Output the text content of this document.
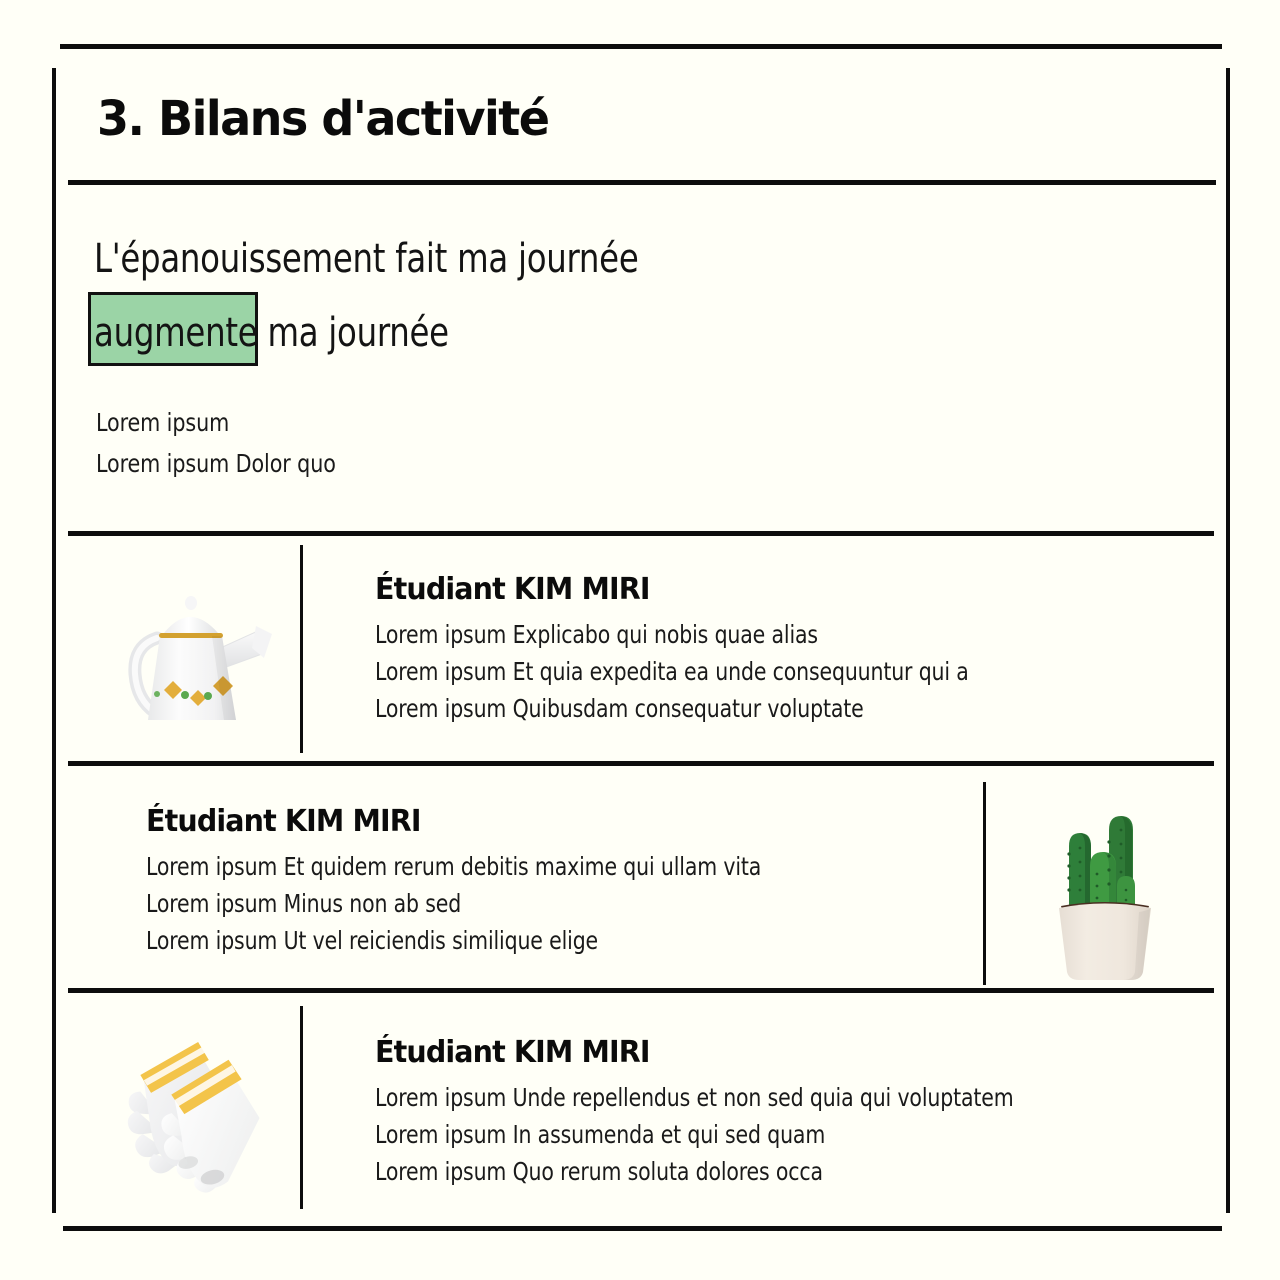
3. Bilans d'activité
L'épanouissement fait ma journée
augmente ma journée
Lorem ipsum
Lorem ipsum Dolor quo
Étudiant KIM MIRI
Lorem ipsum Explicabo qui nobis quae alias
Lorem ipsum Et quia expedita ea unde consequuntur qui a
Lorem ipsum Quibusdam consequatur voluptate
Étudiant KIM MIRI
Lorem ipsum Et quidem rerum debitis maxime qui ullam vita
Lorem ipsum Minus non ab sed
Lorem ipsum Ut vel reiciendis similique elige
Étudiant KIM MIRI
Lorem ipsum Unde repellendus et non sed quia qui voluptatem
Lorem ipsum In assumenda et qui sed quam
Lorem ipsum Quo rerum soluta dolores occa
